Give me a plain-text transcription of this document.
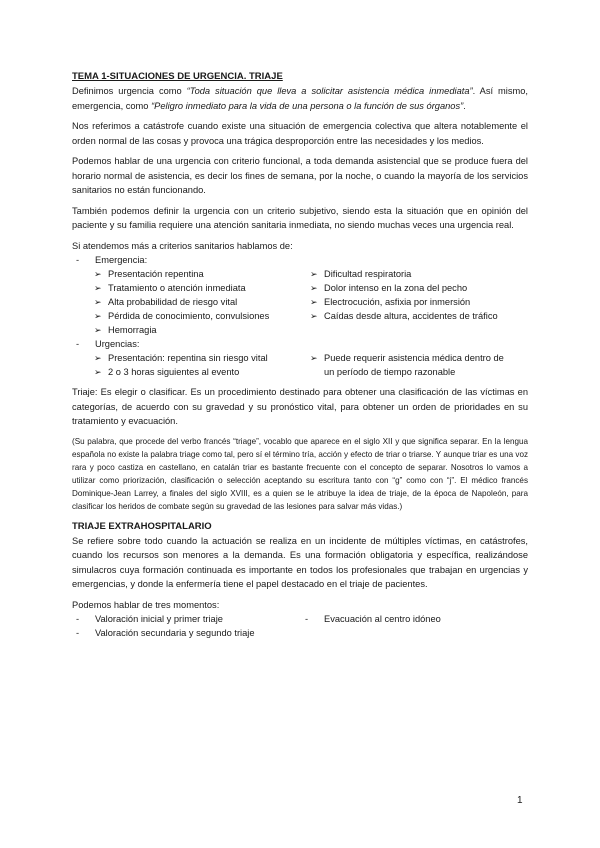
TEMA 1-SITUACIONES DE URGENCIA. TRIAJE

Definimos urgencia como “Toda situación que lleva a solicitar asistencia médica inmediata”. Así mismo, emergencia, como “Peligro inmediato para la vida de una persona o la función de sus órganos”.

Nos referimos a catástrofe cuando existe una situación de emergencia colectiva que altera notablemente el orden normal de las cosas y provoca una trágica desproporción entre las necesidades y los medios.

Podemos hablar de una urgencia con criterio funcional, a toda demanda asistencial que se produce fuera del horario normal de asistencia, es decir los fines de semana, por la noche, o cuando la mayoría de los servicios sanitarios no están funcionando.

También podemos definir la urgencia con un criterio subjetivo, siendo esta la situación que en opinión del paciente y su familia requiere una atención sanitaria inmediata, no siendo muchas veces una urgencia real.

Si atendemos más a criterios sanitarios hablamos de:

- Emergencia:
➢ Presentación repentina	➢ Dificultad respiratoria
➢ Tratamiento o atención inmediata	➢ Dolor intenso en la zona del pecho
➢ Alta probabilidad de riesgo vital	➢ Electrocución, asfixia por inmersión
➢ Pérdida de conocimiento, convulsiones	➢ Caídas desde altura, accidentes de tráfico
➢ Hemorragia
- Urgencias:
➢ Presentación: repentina sin riesgo vital	➢ Puede requerir asistencia médica dentro de
➢ 2 o 3 horas siguientes al evento	un período de tiempo razonable

Triaje: Es elegir o clasificar. Es un procedimiento destinado para obtener una clasificación de las víctimas en categorías, de acuerdo con su gravedad y su pronóstico vital, para obtener un orden de prioridades en su tratamiento y evacuación.

(Su palabra, que procede del verbo francés “triage”, vocablo que aparece en el siglo XII y que significa separar. En la lengua española no existe la palabra triage como tal, pero sí el término tría, acción y efecto de triar o triarse. Y aunque triar es una voz rara y poco castiza en castellano, en catalán triar es bastante frecuente con el concepto de separar. Nosotros lo vamos a utilizar como priorización, clasificación o selección aceptando su escritura tanto con “g” como con “j”. El médico francés Dominique-Jean Larrey, a finales del siglo XVIII, es a quien se le atribuye la idea de triaje, de la época de Napoleón, para clasificar los heridos de combate según su gravedad de las lesiones para salvar más vidas.)

TRIAJE EXTRAHOSPITALARIO

Se refiere sobre todo cuando la actuación se realiza en un incidente de múltiples víctimas, en catástrofes, cuando los recursos son menores a la demanda. Es una formación obligatoria y específica, realizándose simulacros cuya formación continuada es importante en todos los profesionales que trabajan en urgencias y emergencias, y donde la enfermería tiene el papel destacado en el triaje de pacientes.

Podemos hablar de tres momentos:

- Valoración inicial y primer triaje	- Evacuación al centro idóneo
- Valoración secundaria y segundo triaje
1
